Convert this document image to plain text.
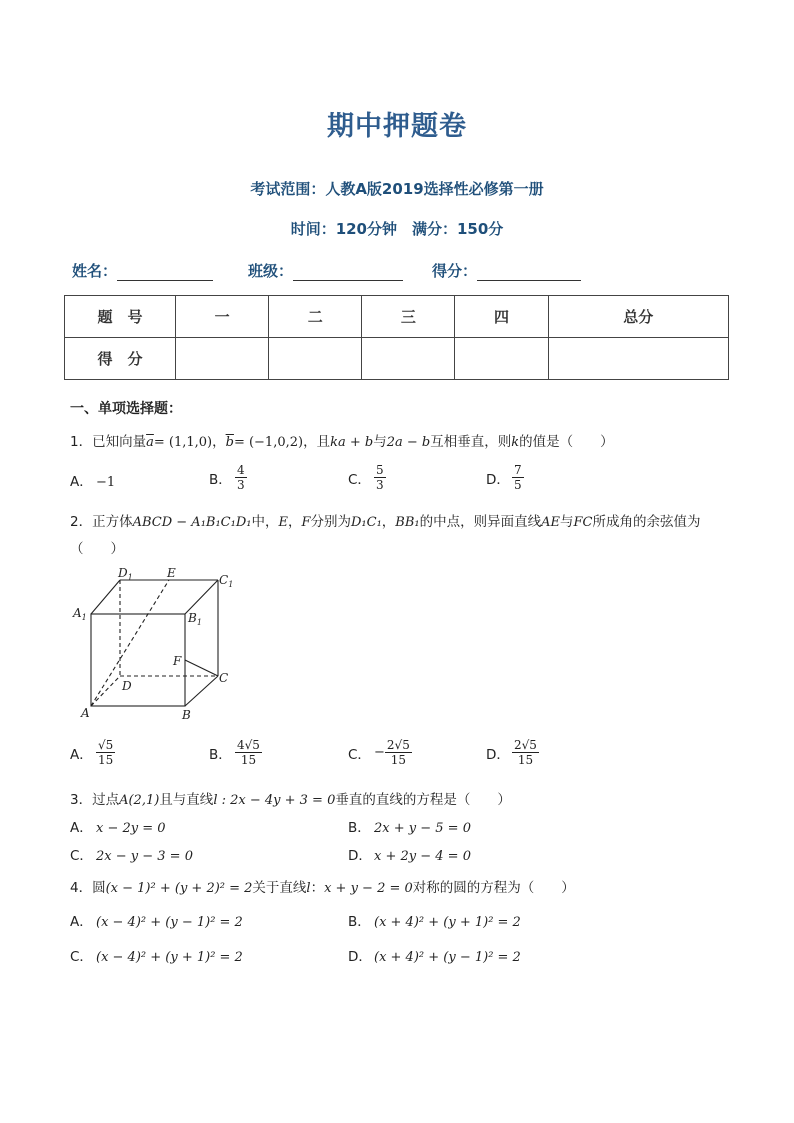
期中押题卷
考试范围：人教A版2019选择性必修第一册
时间：120分钟　满分：150分
姓名：	班级：	得分：
题　号	一	二	三	四	总分
得　分					
一、单项选择题：
1．已知向量$\overline{a}= (1,1,0)$，$\overline{b}= (-1,0,2)$，且ka + b与2a − b互相垂直，则k的值是（　　）
A． −1	B． $\frac{4}{3}$	C． $\frac{5}{3}$	D． $\frac{7}{5}$
2．正方体ABCD − A₁B₁C₁D₁中，E，F分别为D₁C₁，BB₁的中点，则异面直线AE与FC所成角的余弦值为
（　　）
$D_1$	E	$C_1$
$A_1$	$B_1$
F
D
C
A	B
A． $\frac{√5}{15}$	B． $\frac{4√5}{15}$	C． − $\frac{2√5}{15}$	D． $\frac{2√5}{15}$
3．过点A(2,1)且与直线l : 2x − 4y + 3 = 0垂直的直线的方程是（　　）
A． x − 2y = 0	B． 2x + y − 5 = 0
C． 2x − y − 3 = 0	D． x + 2y − 4 = 0
4．圆(x − 1)² + (y + 2)² = 2关于直线l：x + y − 2 = 0对称的圆的方程为（　　）
A． (x − 4)² + (y − 1)² = 2	B． (x + 4)² + (y + 1)² = 2
C． (x − 4)² + (y + 1)² = 2	D． (x + 4)² + (y − 1)² = 2
